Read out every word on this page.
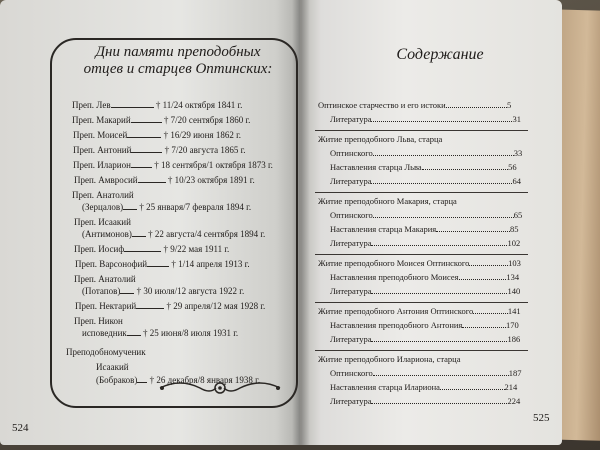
Дни памяти преподобных
отцев и старцев Оптинских:
524
Содержание
525
Преп. Лев	† 11/24 октября 1841 г.
Преп. Макарий	† 7/20 сентября 1860 г.
Преп. Моисей	† 16/29 июня 1862 г.
Преп. Антоний	† 7/20 августа 1865 г.
Преп. Иларион † 18 сентября/1 октября 1873 г.
Преп. Амвросий	† 10/23 октября 1891 г.
Преп. Анатолий
(Зерцалов) † 25 января/7 февраля 1894 г.
Преп. Исаакий
(Антимонов) † 22 августа/4 сентября 1894 г.
Преп. Иосиф	† 9/22 мая 1911 г.
Преп. Варсонофий † 1/14 апреля 1913 г.
Преп. Анатолий
(Потапов) † 30 июля/12 августа 1922 г.
Преп. Нектарий	† 29 апреля/12 мая 1928 г.
Преп. Никон
исповедник † 25 июня/8 июля 1931 г.
Преподобномученик
Исаакий
(Бобраков) † 26 декабря/8 января 1938 г.
Оптинское старчество и его истоки	5
Литература	31
Житие преподобного Льва, старца
Оптинского	33
Наставления старца Льва	56
Литература	64
Житие преподобного Макария, старца
Оптинского	65
Наставления старца Макария	85
Литература	102
Житие преподобного Моисея Оптинского	103
Наставления преподобного Моисея	134
Литература	140
Житие преподобного Антония Оптинского	141
Наставления преподобного Антония	170
Литература	186
Житие преподобного Илариона, старца
Оптинского	187
Наставления старца Илариона	214
Литература	224
